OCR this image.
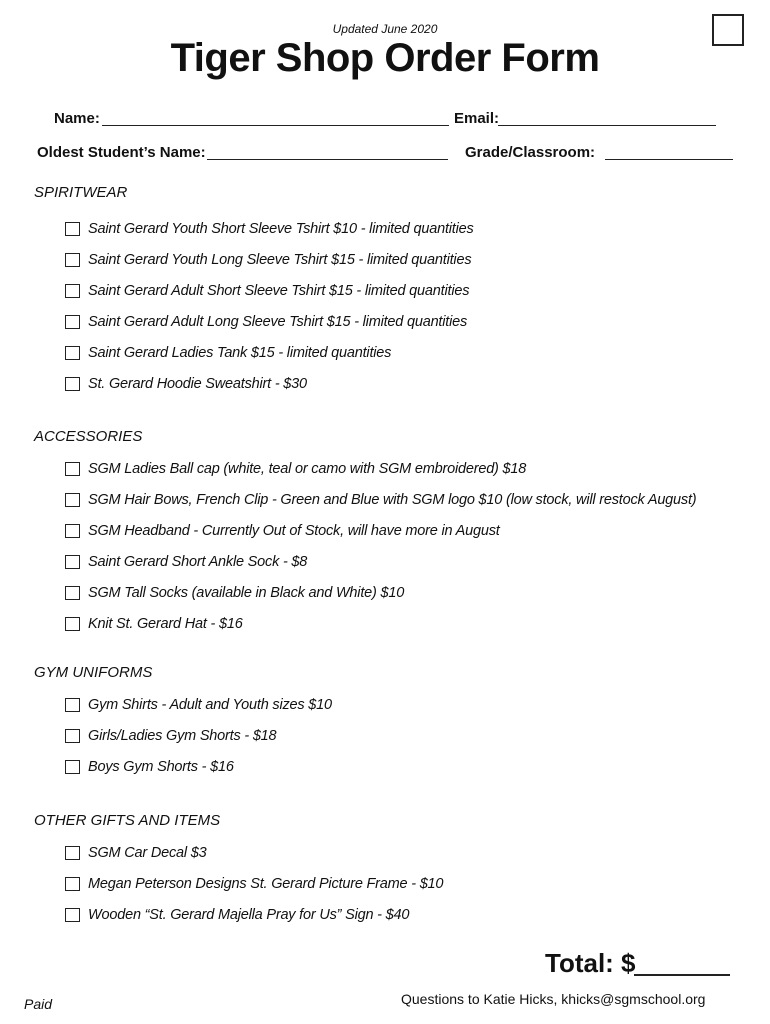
Updated June 2020
Tiger Shop Order Form
Name:	Email:
Oldest Student’s Name:	Grade/Classroom:
SPIRITWEAR
Saint Gerard Youth Short Sleeve Tshirt $10 - limited quantities
Saint Gerard Youth Long Sleeve Tshirt $15 - limited quantities
Saint Gerard Adult Short Sleeve Tshirt $15 - limited quantities
Saint Gerard Adult Long Sleeve Tshirt $15 - limited quantities
Saint Gerard Ladies Tank $15 - limited quantities
St. Gerard Hoodie Sweatshirt - $30
ACCESSORIES
SGM Ladies Ball cap (white, teal or camo with SGM embroidered) $18
SGM Hair Bows, French Clip - Green and Blue with SGM logo $10 (low stock, will restock August)
SGM Headband - Currently Out of Stock, will have more in August
Saint Gerard Short Ankle Sock - $8
SGM Tall Socks (available in Black and White) $10
Knit St. Gerard Hat - $16
GYM UNIFORMS
Gym Shirts - Adult and Youth sizes $10
Girls/Ladies Gym Shorts - $18
Boys Gym Shorts - $16
OTHER GIFTS AND ITEMS
SGM Car Decal $3
Megan Peterson Designs St. Gerard Picture Frame - $10
Wooden “St. Gerard Majella Pray for Us” Sign - $40
Total: $
Paid	Questions to Katie Hicks, khicks@sgmschool.org
